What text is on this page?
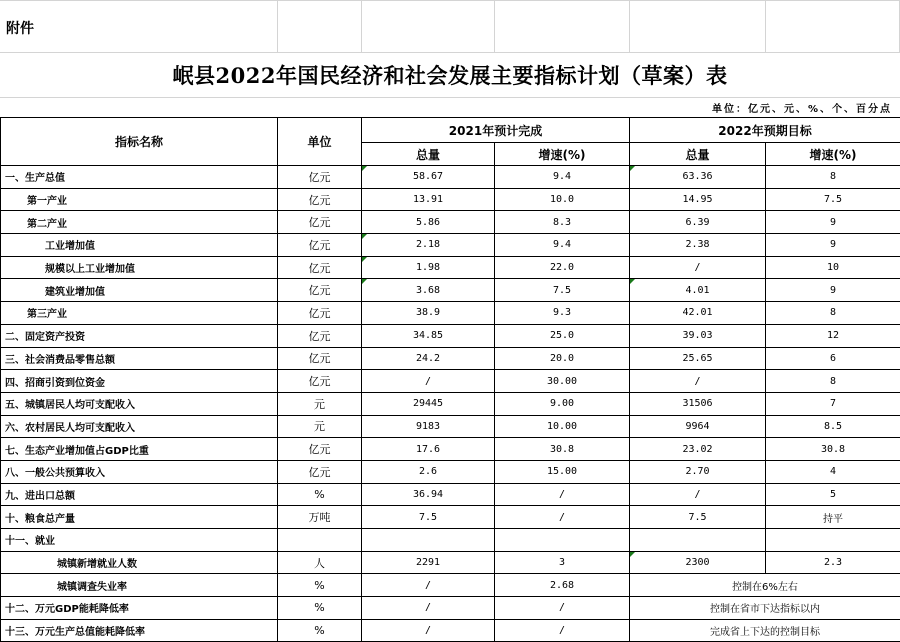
附件
岷县2022年国民经济和社会发展主要指标计划（草案）表
单位：亿元、元、%、个、百分点
指标名称	单位	2021年预计完成		2022年预期目标	
		总量	增速(%)	总量	增速(%)
一、生产总值	亿元	58.67	9.4	63.36	8
第一产业	亿元	13.91	10.0	14.95	7.5
第二产业	亿元	5.86	8.3	6.39	9
工业增加值	亿元	2.18	9.4	2.38	9
规模以上工业增加值	亿元	1.98	22.0	/	10
建筑业增加值	亿元	3.68	7.5	4.01	9
第三产业	亿元	38.9	9.3	42.01	8
二、固定资产投资	亿元	34.85	25.0	39.03	12
三、社会消费品零售总额	亿元	24.2	20.0	25.65	6
四、招商引资到位资金	亿元	/	30.00	/	8
五、城镇居民人均可支配收入	元	29445	9.00	31506	7
六、农村居民人均可支配收入	元	9183	10.00	9964	8.5
七、生态产业增加值占GDP比重	亿元	17.6	30.8	23.02	30.8
八、一般公共预算收入	亿元	2.6	15.00	2.70	4
九、进出口总额	%	36.94	/	/	5
十、粮食总产量	万吨	7.5	/	7.5	持平
十一、就业					
城镇新增就业人数	人	2291	3	2300	2.3
城镇调查失业率	%	/	2.68	控制在6%左右	
十二、万元GDP能耗降低率	%	/	/	控制在省市下达指标以内	
十三、万元生产总值能耗降低率	%	/	/	完成省上下达的控制目标	
